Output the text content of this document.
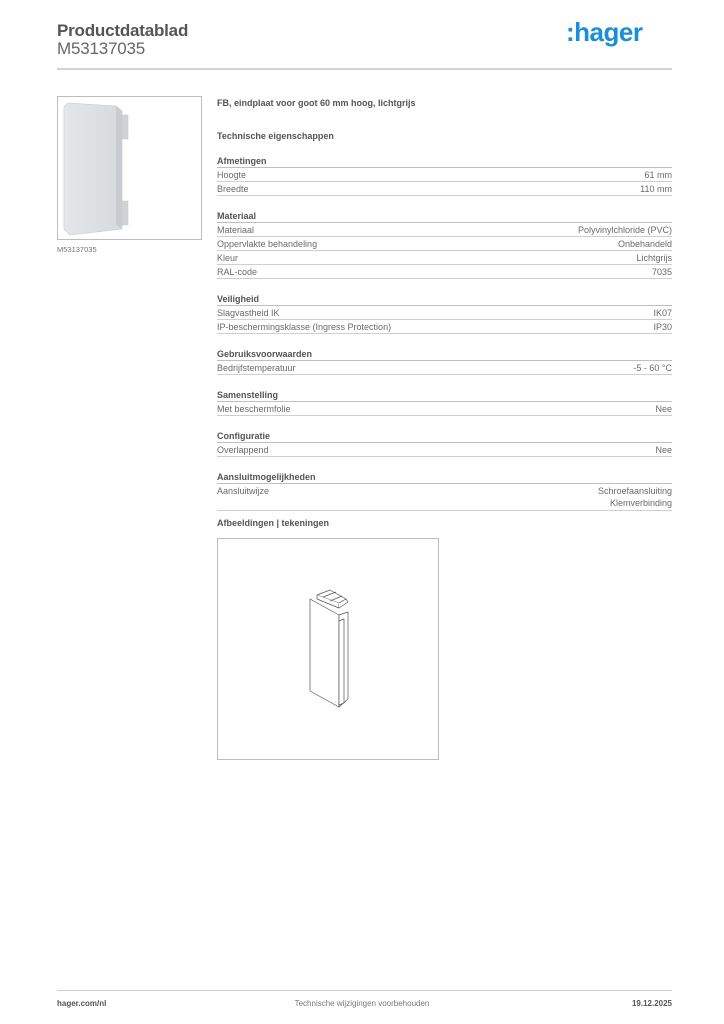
Productdatablad
M53137035
:hager
M53137035
FB, eindplaat voor goot 60 mm hoog, lichtgrijs
Technische eigenschappen
Afmetingen
Hoogte	61 mm
Breedte	110 mm
Materiaal
Materiaal	Polyvinylchloride (PVC)
Oppervlakte behandeling	Onbehandeld
Kleur	Lichtgrijs
RAL-code	7035
Veiligheid
Slagvastheid IK	IK07
IP-beschermingsklasse (Ingress Protection)	IP30
Gebruiksvoorwaarden
Bedrijfstemperatuur	-5 - 60 °C
Samenstelling
Met beschermfolie	Nee
Configuratie
Overlappend	Nee
Aansluitmogelijkheden
Aansluitwijze	Schroefaansluiting
Klemverbinding
Afbeeldingen | tekeningen
hager.com/nl	Technische wijzigingen voorbehouden	19.12.2025
